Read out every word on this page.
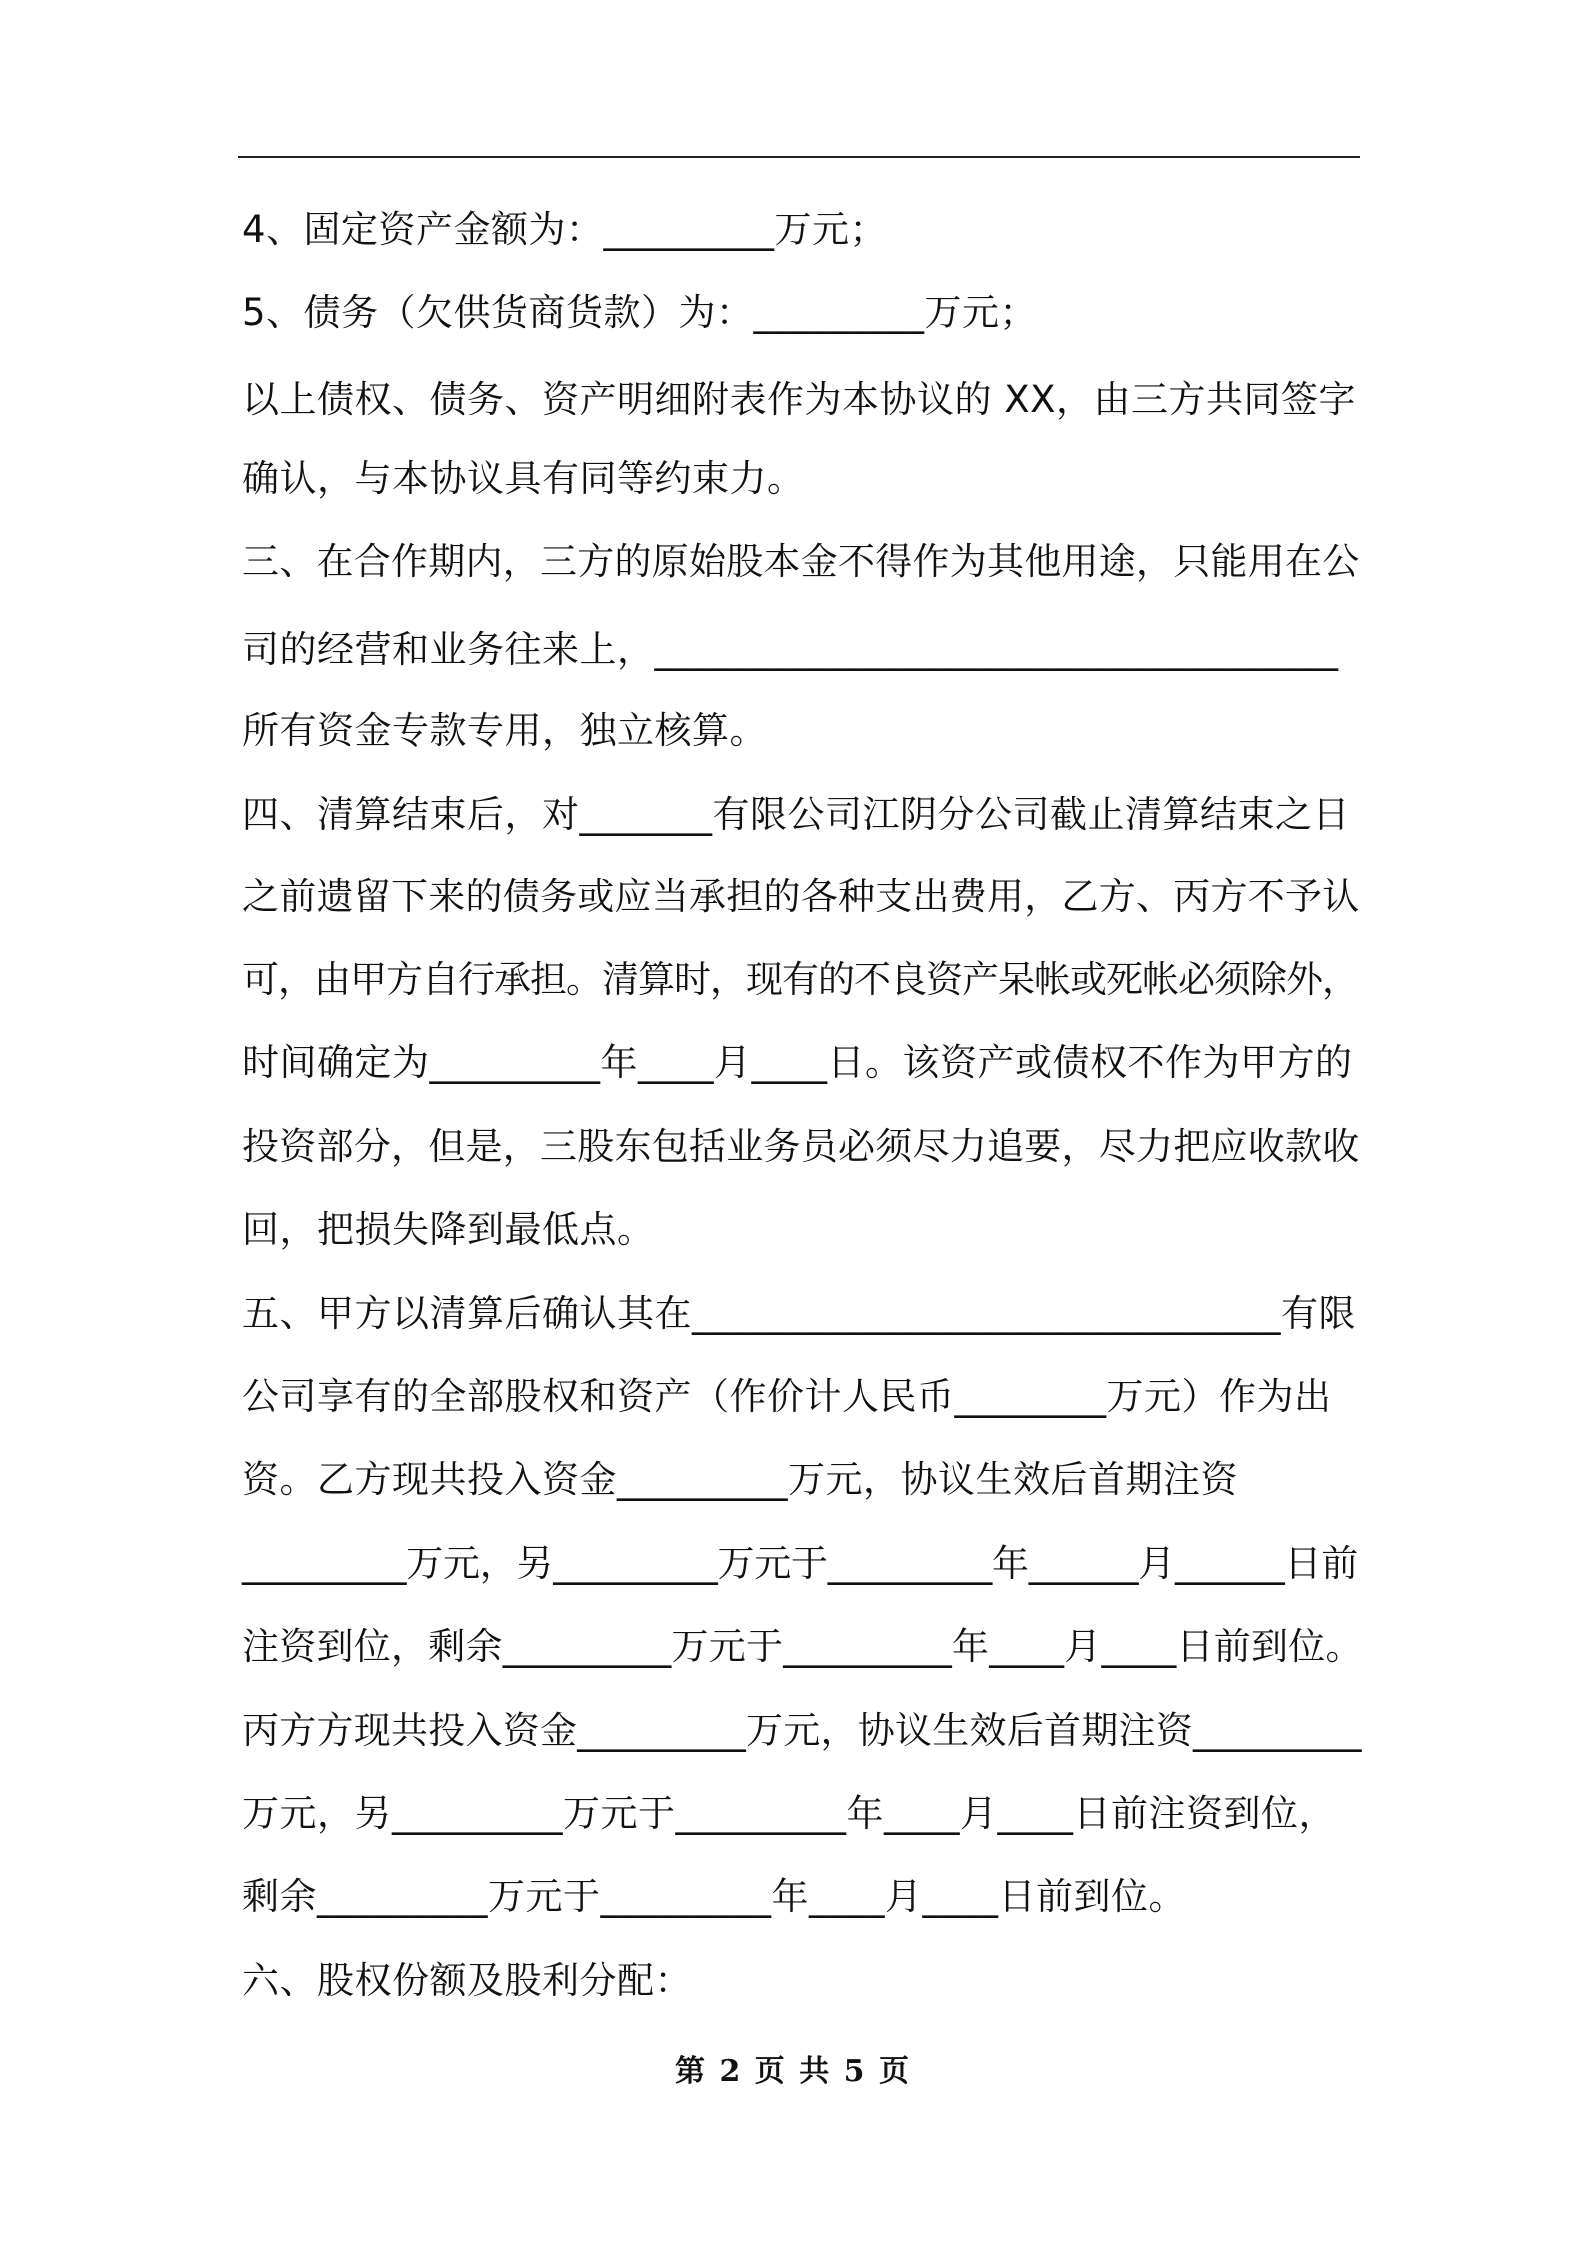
4、固定资产金额为：_________万元；
5、债务（欠供货商货款）为：_________万元；
以上债权、债务、资产明细附表作为本协议的 XX，由三方共同签字
确认，与本协议具有同等约束力。
三、在合作期内，三方的原始股本金不得作为其他用途，只能用在公
司的经营和业务往来上，____________________________________
所有资金专款专用，独立核算。
四、清算结束后，对_______有限公司江阴分公司截止清算结束之日
之前遗留下来的债务或应当承担的各种支出费用，乙方、丙方不予认
可，由甲方自行承担。清算时，现有的不良资产呆帐或死帐必须除外，
时间确定为_________年____月____日。该资产或债权不作为甲方的
投资部分，但是，三股东包括业务员必须尽力追要，尽力把应收款收
回，把损失降到最低点。
五、甲方以清算后确认其在_______________________________有限
公司享有的全部股权和资产（作价计人民币________万元）作为出
资。乙方现共投入资金_________万元，协议生效后首期注资
_________万元，另_________万元于_________年______月______日前
注资到位，剩余_________万元于_________年____月____日前到位。
丙方方现共投入资金_________万元，协议生效后首期注资_________
万元，另_________万元于_________年____月____日前注资到位，
剩余_________万元于_________年____月____日前到位。
六、股权份额及股利分配：
第 2 页 共 5 页
